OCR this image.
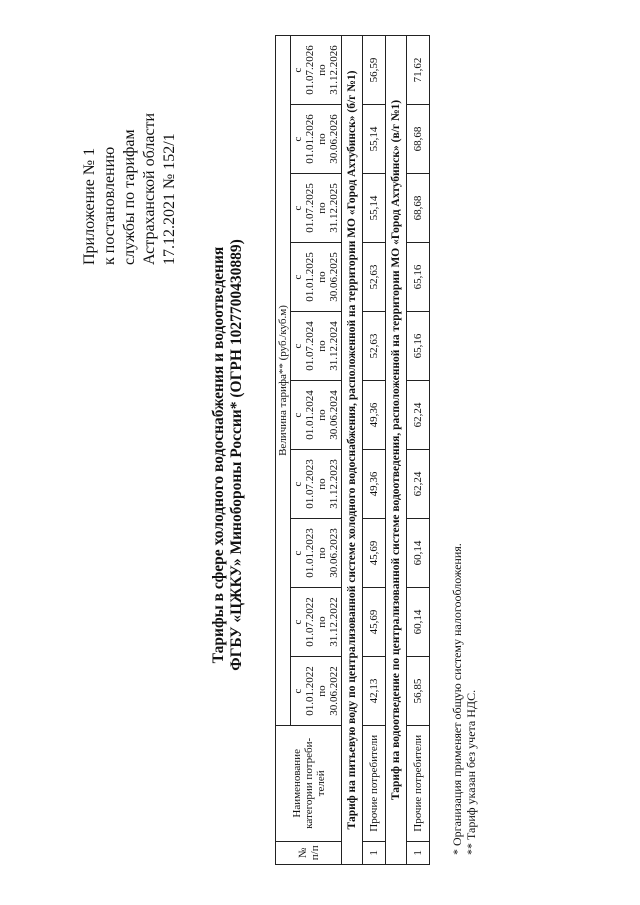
Приложение № 1 к постановлению службы по тарифам Астраханской области 17.12.2021 № 152/1
Тарифы в сфере холодного водоснабжения и водоотведения ФГБУ «ЦЖКУ» Минобороны России* (ОГРН 1027700430889)
№ п/п	Наименование категории потреби-телей	Величина тарифа** (руб./куб.м)									

		с 01.01.2022 по 30.06.2022	с 01.07.2022 по 31.12.2022	с 01.01.2023 по 30.06.2023	с 01.07.2023 по 31.12.2023	с 01.01.2024 по 30.06.2024	с 01.07.2024 по 31.12.2024	с 01.01.2025 по 30.06.2025	с 01.07.2025 по 31.12.2025	с 01.01.2026 по 30.06.2026	с 01.07.2026 по 31.12.2026

Тариф на питьевую воду по централизованной системе холодного водоснабжения, расположенной на территории МО «Город Ахтубинск» (б/г №1)											
1	Прочие потребители	42,13	45,69	45,69	49,36	49,36	52,63	52,63	55,14	55,14	56,59
Тариф на водоотведение по централизованной системе водоотведения, расположенной на территории МО «Город Ахтубинск» (в/г №1)											
1	Прочие потребители	56,85	60,14	60,14	62,24	62,24	65,16	65,16	68,68	68,68	71,62
* Организация применяет общую систему налогообложения. ** Тариф указан без учета НДС.
